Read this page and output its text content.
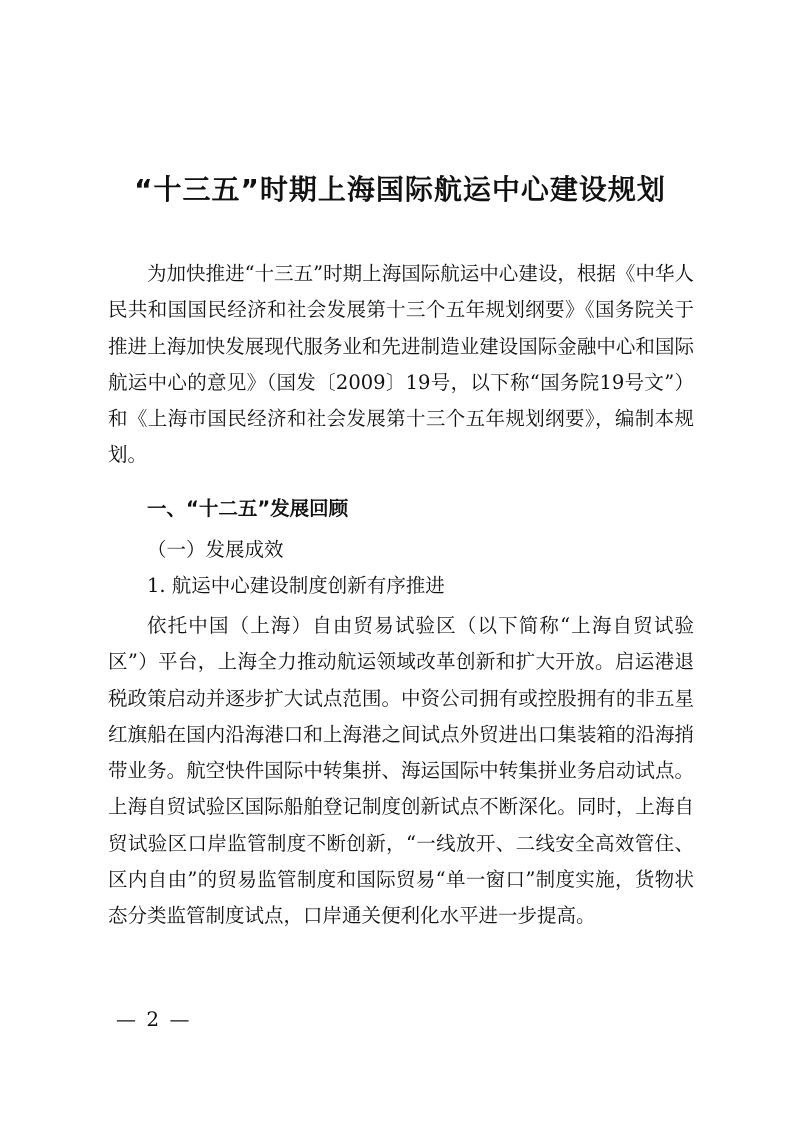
“十三五”时期上海国际航运中心建设规划

为加快推进“十三五”时期上海国际航运中心建设，根据《中华人民共和国国民经济和社会发展第十三个五年规划纲要》《国务院关于推进上海加快发展现代服务业和先进制造业建设国际金融中心和国际航运中心的意见》（国发〔2009〕19号，以下称“国务院19号文”）和《上海市国民经济和社会发展第十三个五年规划纲要》，编制本规划。

一、“十二五”发展回顾

（一）发展成效

1. 航运中心建设制度创新有序推进

依托中国（上海）自由贸易试验区（以下简称“上海自贸试验区”）平台，上海全力推动航运领域改革创新和扩大开放。启运港退税政策启动并逐步扩大试点范围。中资公司拥有或控股拥有的非五星红旗船在国内沿海港口和上海港之间试点外贸进出口集装箱的沿海捎带业务。航空快件国际中转集拼、海运国际中转集拼业务启动试点。上海自贸试验区国际船舶登记制度创新试点不断深化。同时，上海自贸试验区口岸监管制度不断创新，“一线放开、二线安全高效管住、区内自由”的贸易监管制度和国际贸易“单一窗口”制度实施，货物状态分类监管制度试点，口岸通关便利化水平进一步提高。

— 2 —
